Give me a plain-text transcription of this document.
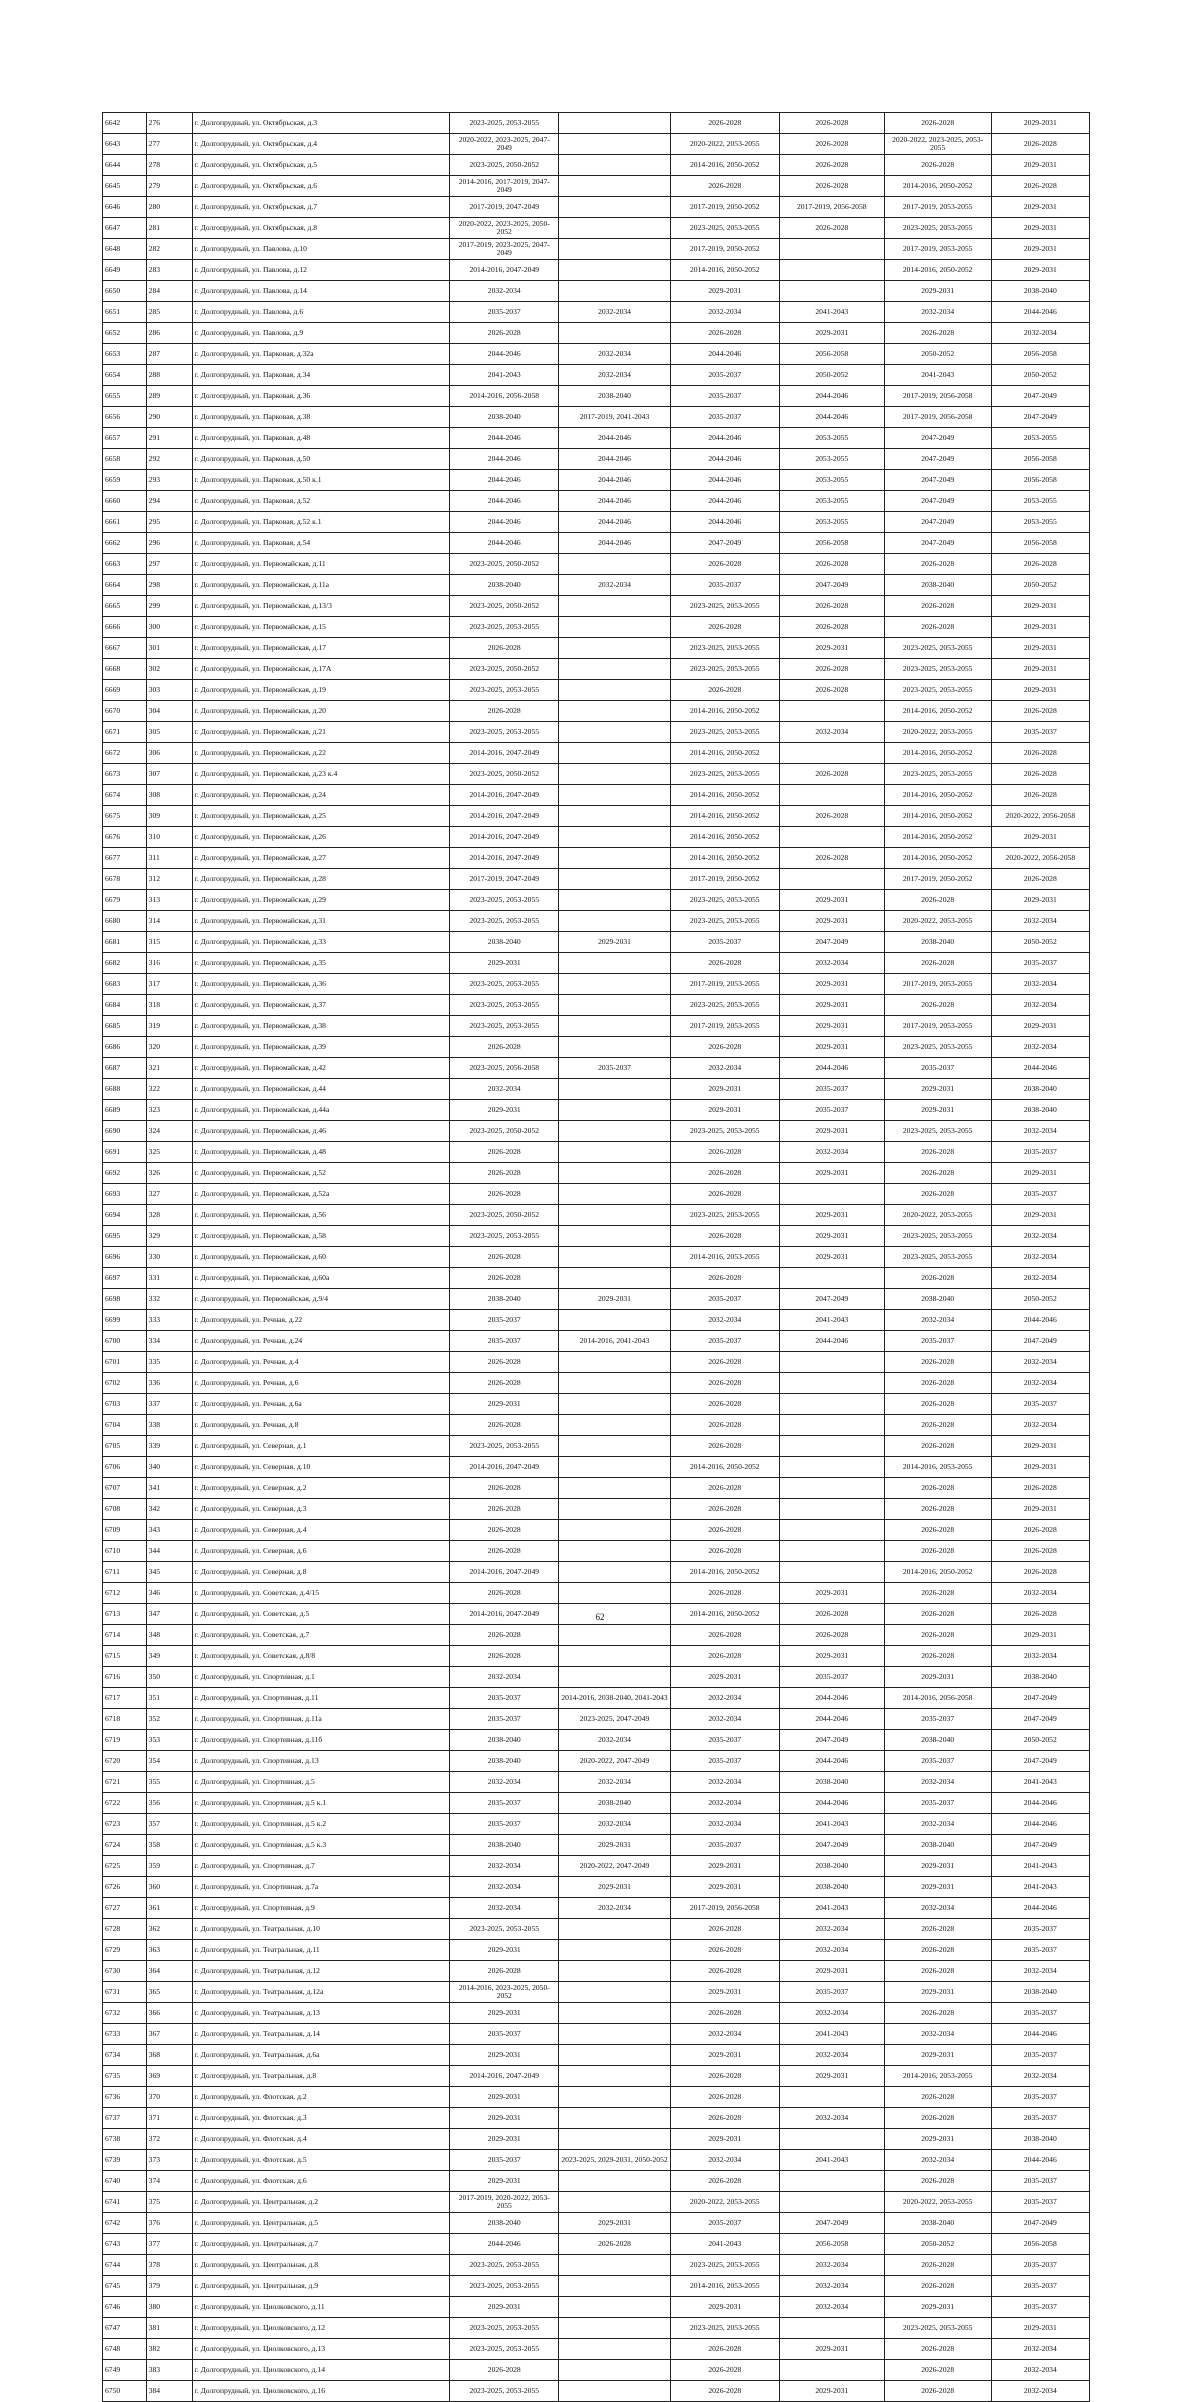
6642	276	г. Долгопрудный, ул. Октябрьская, д.3	2023-2025, 2053-2055		2026-2028	2026-2028	2026-2028	2029-2031
6643	277	г. Долгопрудный, ул. Октябрьская, д.4	2020-2022, 2023-2025, 2047-2049		2020-2022, 2053-2055	2026-2028	2020-2022, 2023-2025, 2053-2055	2026-2028
6644	278	г. Долгопрудный, ул. Октябрьская, д.5	2023-2025, 2050-2052		2014-2016, 2050-2052	2026-2028	2026-2028	2029-2031
6645	279	г. Долгопрудный, ул. Октябрьская, д.6	2014-2016, 2017-2019, 2047-2049		2026-2028	2026-2028	2014-2016, 2050-2052	2026-2028
6646	280	г. Долгопрудный, ул. Октябрьская, д.7	2017-2019, 2047-2049		2017-2019, 2050-2052	2017-2019, 2056-2058	2017-2019, 2053-2055	2029-2031
6647	281	г. Долгопрудный, ул. Октябрьская, д.8	2020-2022, 2023-2025, 2050-2052		2023-2025, 2053-2055	2026-2028	2023-2025, 2053-2055	2029-2031
6648	282	г. Долгопрудный, ул. Павлова, д.10	2017-2019, 2023-2025, 2047-2049		2017-2019, 2050-2052		2017-2019, 2053-2055	2029-2031
6649	283	г. Долгопрудный, ул. Павлова, д.12	2014-2016, 2047-2049		2014-2016, 2050-2052		2014-2016, 2050-2052	2029-2031
6650	284	г. Долгопрудный, ул. Павлова, д.14	2032-2034		2029-2031		2029-2031	2038-2040
6651	285	г. Долгопрудный, ул. Павлова, д.6	2035-2037	2032-2034	2032-2034	2041-2043	2032-2034	2044-2046
6652	286	г. Долгопрудный, ул. Павлова, д.9	2026-2028		2026-2028	2029-2031	2026-2028	2032-2034
6653	287	г. Долгопрудный, ул. Парковая, д.32а	2044-2046	2032-2034	2044-2046	2056-2058	2050-2052	2056-2058
6654	288	г. Долгопрудный, ул. Парковая, д.34	2041-2043	2032-2034	2035-2037	2050-2052	2041-2043	2050-2052
6655	289	г. Долгопрудный, ул. Парковая, д.36	2014-2016, 2056-2058	2038-2040	2035-2037	2044-2046	2017-2019, 2056-2058	2047-2049
6656	290	г. Долгопрудный, ул. Парковая, д.38	2038-2040	2017-2019, 2041-2043	2035-2037	2044-2046	2017-2019, 2056-2058	2047-2049
6657	291	г. Долгопрудный, ул. Парковая, д.48	2044-2046	2044-2046	2044-2046	2053-2055	2047-2049	2053-2055
6658	292	г. Долгопрудный, ул. Парковая, д.50	2044-2046	2044-2046	2044-2046	2053-2055	2047-2049	2056-2058
6659	293	г. Долгопрудный, ул. Парковая, д.50 к.1	2044-2046	2044-2046	2044-2046	2053-2055	2047-2049	2056-2058
6660	294	г. Долгопрудный, ул. Парковая, д.52	2044-2046	2044-2046	2044-2046	2053-2055	2047-2049	2053-2055
6661	295	г. Долгопрудный, ул. Парковая, д.52 к.1	2044-2046	2044-2046	2044-2046	2053-2055	2047-2049	2053-2055
6662	296	г. Долгопрудный, ул. Парковая, д.54	2044-2046	2044-2046	2047-2049	2056-2058	2047-2049	2056-2058
6663	297	г. Долгопрудный, ул. Первомайская, д.11	2023-2025, 2050-2052		2026-2028	2026-2028	2026-2028	2026-2028
6664	298	г. Долгопрудный, ул. Первомайская, д.11а	2038-2040	2032-2034	2035-2037	2047-2049	2038-2040	2050-2052
6665	299	г. Долгопрудный, ул. Первомайская, д.13/3	2023-2025, 2050-2052		2023-2025, 2053-2055	2026-2028	2026-2028	2029-2031
6666	300	г. Долгопрудный, ул. Первомайская, д.15	2023-2025, 2053-2055		2026-2028	2026-2028	2026-2028	2029-2031
6667	301	г. Долгопрудный, ул. Первомайская, д.17	2026-2028		2023-2025, 2053-2055	2029-2031	2023-2025, 2053-2055	2029-2031
6668	302	г. Долгопрудный, ул. Первомайская, д.17А	2023-2025, 2050-2052		2023-2025, 2053-2055	2026-2028	2023-2025, 2053-2055	2029-2031
6669	303	г. Долгопрудный, ул. Первомайская, д.19	2023-2025, 2053-2055		2026-2028	2026-2028	2023-2025, 2053-2055	2029-2031
6670	304	г. Долгопрудный, ул. Первомайская, д.20	2026-2028		2014-2016, 2050-2052		2014-2016, 2050-2052	2026-2028
6671	305	г. Долгопрудный, ул. Первомайская, д.21	2023-2025, 2053-2055		2023-2025, 2053-2055	2032-2034	2020-2022, 2053-2055	2035-2037
6672	306	г. Долгопрудный, ул. Первомайская, д.22	2014-2016, 2047-2049		2014-2016, 2050-2052		2014-2016, 2050-2052	2026-2028
6673	307	г. Долгопрудный, ул. Первомайская, д.23 к.4	2023-2025, 2050-2052		2023-2025, 2053-2055	2026-2028	2023-2025, 2053-2055	2026-2028
6674	308	г. Долгопрудный, ул. Первомайская, д.24	2014-2016, 2047-2049		2014-2016, 2050-2052		2014-2016, 2050-2052	2026-2028
6675	309	г. Долгопрудный, ул. Первомайская, д.25	2014-2016, 2047-2049		2014-2016, 2050-2052	2026-2028	2014-2016, 2050-2052	2020-2022, 2056-2058
6676	310	г. Долгопрудный, ул. Первомайская, д.26	2014-2016, 2047-2049		2014-2016, 2050-2052		2014-2016, 2050-2052	2029-2031
6677	311	г. Долгопрудный, ул. Первомайская, д.27	2014-2016, 2047-2049		2014-2016, 2050-2052	2026-2028	2014-2016, 2050-2052	2020-2022, 2056-2058
6678	312	г. Долгопрудный, ул. Первомайская, д.28	2017-2019, 2047-2049		2017-2019, 2050-2052		2017-2019, 2050-2052	2026-2028
6679	313	г. Долгопрудный, ул. Первомайская, д.29	2023-2025, 2053-2055		2023-2025, 2053-2055	2029-2031	2026-2028	2029-2031
6680	314	г. Долгопрудный, ул. Первомайская, д.31	2023-2025, 2053-2055		2023-2025, 2053-2055	2029-2031	2020-2022, 2053-2055	2032-2034
6681	315	г. Долгопрудный, ул. Первомайская, д.33	2038-2040	2029-2031	2035-2037	2047-2049	2038-2040	2050-2052
6682	316	г. Долгопрудный, ул. Первомайская, д.35	2029-2031		2026-2028	2032-2034	2026-2028	2035-2037
6683	317	г. Долгопрудный, ул. Первомайская, д.36	2023-2025, 2053-2055		2017-2019, 2053-2055	2029-2031	2017-2019, 2053-2055	2032-2034
6684	318	г. Долгопрудный, ул. Первомайская, д.37	2023-2025, 2053-2055		2023-2025, 2053-2055	2029-2031	2026-2028	2032-2034
6685	319	г. Долгопрудный, ул. Первомайская, д.38	2023-2025, 2053-2055		2017-2019, 2053-2055	2029-2031	2017-2019, 2053-2055	2029-2031
6686	320	г. Долгопрудный, ул. Первомайская, д.39	2026-2028		2026-2028	2029-2031	2023-2025, 2053-2055	2032-2034
6687	321	г. Долгопрудный, ул. Первомайская, д.42	2023-2025, 2056-2058	2035-2037	2032-2034	2044-2046	2035-2037	2044-2046
6688	322	г. Долгопрудный, ул. Первомайская, д.44	2032-2034		2029-2031	2035-2037	2029-2031	2038-2040
6689	323	г. Долгопрудный, ул. Первомайская, д.44а	2029-2031		2029-2031	2035-2037	2029-2031	2038-2040
6690	324	г. Долгопрудный, ул. Первомайская, д.46	2023-2025, 2050-2052		2023-2025, 2053-2055	2029-2031	2023-2025, 2053-2055	2032-2034
6691	325	г. Долгопрудный, ул. Первомайская, д.48	2026-2028		2026-2028	2032-2034	2026-2028	2035-2037
6692	326	г. Долгопрудный, ул. Первомайская, д.52	2026-2028		2026-2028	2029-2031	2026-2028	2029-2031
6693	327	г. Долгопрудный, ул. Первомайская, д.52а	2026-2028		2026-2028		2026-2028	2035-2037
6694	328	г. Долгопрудный, ул. Первомайская, д.56	2023-2025, 2050-2052		2023-2025, 2053-2055	2029-2031	2020-2022, 2053-2055	2029-2031
6695	329	г. Долгопрудный, ул. Первомайская, д.58	2023-2025, 2053-2055		2026-2028	2029-2031	2023-2025, 2053-2055	2032-2034
6696	330	г. Долгопрудный, ул. Первомайская, д.60	2026-2028		2014-2016, 2053-2055	2029-2031	2023-2025, 2053-2055	2032-2034
6697	331	г. Долгопрудный, ул. Первомайская, д.60а	2026-2028		2026-2028		2026-2028	2032-2034
6698	332	г. Долгопрудный, ул. Первомайская, д.9/4	2038-2040	2029-2031	2035-2037	2047-2049	2038-2040	2050-2052
6699	333	г. Долгопрудный, ул. Речная, д.22	2035-2037		2032-2034	2041-2043	2032-2034	2044-2046
6700	334	г. Долгопрудный, ул. Речная, д.24	2035-2037	2014-2016, 2041-2043	2035-2037	2044-2046	2035-2037	2047-2049
6701	335	г. Долгопрудный, ул. Речная, д.4	2026-2028		2026-2028		2026-2028	2032-2034
6702	336	г. Долгопрудный, ул. Речная, д.6	2026-2028		2026-2028		2026-2028	2032-2034
6703	337	г. Долгопрудный, ул. Речная, д.6а	2029-2031		2026-2028		2026-2028	2035-2037
6704	338	г. Долгопрудный, ул. Речная, д.8	2026-2028		2026-2028		2026-2028	2032-2034
6705	339	г. Долгопрудный, ул. Северная, д.1	2023-2025, 2053-2055		2026-2028		2026-2028	2029-2031
6706	340	г. Долгопрудный, ул. Северная, д.10	2014-2016, 2047-2049		2014-2016, 2050-2052		2014-2016, 2053-2055	2029-2031
6707	341	г. Долгопрудный, ул. Северная, д.2	2026-2028		2026-2028		2026-2028	2026-2028
6708	342	г. Долгопрудный, ул. Северная, д.3	2026-2028		2026-2028		2026-2028	2029-2031
6709	343	г. Долгопрудный, ул. Северная, д.4	2026-2028		2026-2028		2026-2028	2026-2028
6710	344	г. Долгопрудный, ул. Северная, д.6	2026-2028		2026-2028		2026-2028	2026-2028
6711	345	г. Долгопрудный, ул. Северная, д.8	2014-2016, 2047-2049		2014-2016, 2050-2052		2014-2016, 2050-2052	2026-2028
6712	346	г. Долгопрудный, ул. Советская, д.4/15	2026-2028		2026-2028	2029-2031	2026-2028	2032-2034
6713	347	г. Долгопрудный, ул. Советская, д.5	2014-2016, 2047-2049		2014-2016, 2050-2052	2026-2028	2026-2028	2026-2028
6714	348	г. Долгопрудный, ул. Советская, д.7	2026-2028		2026-2028	2026-2028	2026-2028	2029-2031
6715	349	г. Долгопрудный, ул. Советская, д.8/8	2026-2028		2026-2028	2029-2031	2026-2028	2032-2034
6716	350	г. Долгопрудный, ул. Спортивная, д.1	2032-2034		2029-2031	2035-2037	2029-2031	2038-2040
6717	351	г. Долгопрудный, ул. Спортивная, д.11	2035-2037	2014-2016, 2038-2040, 2041-2043	2032-2034	2044-2046	2014-2016, 2056-2058	2047-2049
6718	352	г. Долгопрудный, ул. Спортивная, д.11а	2035-2037	2023-2025, 2047-2049	2032-2034	2044-2046	2035-2037	2047-2049
6719	353	г. Долгопрудный, ул. Спортивная, д.11б	2038-2040	2032-2034	2035-2037	2047-2049	2038-2040	2050-2052
6720	354	г. Долгопрудный, ул. Спортивная, д.13	2038-2040	2020-2022, 2047-2049	2035-2037	2044-2046	2035-2037	2047-2049
6721	355	г. Долгопрудный, ул. Спортивная, д.5	2032-2034	2032-2034	2032-2034	2038-2040	2032-2034	2041-2043
6722	356	г. Долгопрудный, ул. Спортивная, д.5 к.1	2035-2037	2038-2040	2032-2034	2044-2046	2035-2037	2044-2046
6723	357	г. Долгопрудный, ул. Спортивная, д.5 к.2	2035-2037	2032-2034	2032-2034	2041-2043	2032-2034	2044-2046
6724	358	г. Долгопрудный, ул. Спортивная, д.5 к.3	2038-2040	2029-2031	2035-2037	2047-2049	2038-2040	2047-2049
6725	359	г. Долгопрудный, ул. Спортивная, д.7	2032-2034	2020-2022, 2047-2049	2029-2031	2038-2040	2029-2031	2041-2043
6726	360	г. Долгопрудный, ул. Спортивная, д.7а	2032-2034	2029-2031	2029-2031	2038-2040	2029-2031	2041-2043
6727	361	г. Долгопрудный, ул. Спортивная, д.9	2032-2034	2032-2034	2017-2019, 2056-2058	2041-2043	2032-2034	2044-2046
6728	362	г. Долгопрудный, ул. Театральная, д.10	2023-2025, 2053-2055		2026-2028	2032-2034	2026-2028	2035-2037
6729	363	г. Долгопрудный, ул. Театральная, д.11	2029-2031		2026-2028	2032-2034	2026-2028	2035-2037
6730	364	г. Долгопрудный, ул. Театральная, д.12	2026-2028		2026-2028	2029-2031	2026-2028	2032-2034
6731	365	г. Долгопрудный, ул. Театральная, д.12а	2014-2016, 2023-2025, 2050-2052		2029-2031	2035-2037	2029-2031	2038-2040
6732	366	г. Долгопрудный, ул. Театральная, д.13	2029-2031		2026-2028	2032-2034	2026-2028	2035-2037
6733	367	г. Долгопрудный, ул. Театральная, д.14	2035-2037		2032-2034	2041-2043	2032-2034	2044-2046
6734	368	г. Долгопрудный, ул. Театральная, д.6а	2029-2031		2029-2031	2032-2034	2029-2031	2035-2037
6735	369	г. Долгопрудный, ул. Театральная, д.8	2014-2016, 2047-2049		2026-2028	2029-2031	2014-2016, 2053-2055	2032-2034
6736	370	г. Долгопрудный, ул. Флотская, д.2	2029-2031		2026-2028		2026-2028	2035-2037
6737	371	г. Долгопрудный, ул. Флотская, д.3	2029-2031		2026-2028	2032-2034	2026-2028	2035-2037
6738	372	г. Долгопрудный, ул. Флотская, д.4	2029-2031		2029-2031		2029-2031	2038-2040
6739	373	г. Долгопрудный, ул. Флотская, д.5	2035-2037	2023-2025, 2029-2031, 2050-2052	2032-2034	2041-2043	2032-2034	2044-2046
6740	374	г. Долгопрудный, ул. Флотская, д.6	2029-2031		2026-2028		2026-2028	2035-2037
6741	375	г. Долгопрудный, ул. Центральная, д.2	2017-2019, 2020-2022, 2053-2055		2020-2022, 2053-2055		2020-2022, 2053-2055	2035-2037
6742	376	г. Долгопрудный, ул. Центральная, д.5	2038-2040	2029-2031	2035-2037	2047-2049	2038-2040	2047-2049
6743	377	г. Долгопрудный, ул. Центральная, д.7	2044-2046	2026-2028	2041-2043	2056-2058	2050-2052	2056-2058
6744	378	г. Долгопрудный, ул. Центральная, д.8	2023-2025, 2053-2055		2023-2025, 2053-2055	2032-2034	2026-2028	2035-2037
6745	379	г. Долгопрудный, ул. Центральная, д.9	2023-2025, 2053-2055		2014-2016, 2053-2055	2032-2034	2026-2028	2035-2037
6746	380	г. Долгопрудный, ул. Циолковского, д.11	2029-2031		2029-2031	2032-2034	2029-2031	2035-2037
6747	381	г. Долгопрудный, ул. Циолковского, д.12	2023-2025, 2053-2055		2023-2025, 2053-2055		2023-2025, 2053-2055	2029-2031
6748	382	г. Долгопрудный, ул. Циолковского, д.13	2023-2025, 2053-2055		2026-2028	2029-2031	2026-2028	2032-2034
6749	383	г. Долгопрудный, ул. Циолковского, д.14	2026-2028		2026-2028		2026-2028	2032-2034
6750	384	г. Долгопрудный, ул. Циолковского, д.16	2023-2025, 2053-2055		2026-2028	2029-2031	2026-2028	2032-2034
62
